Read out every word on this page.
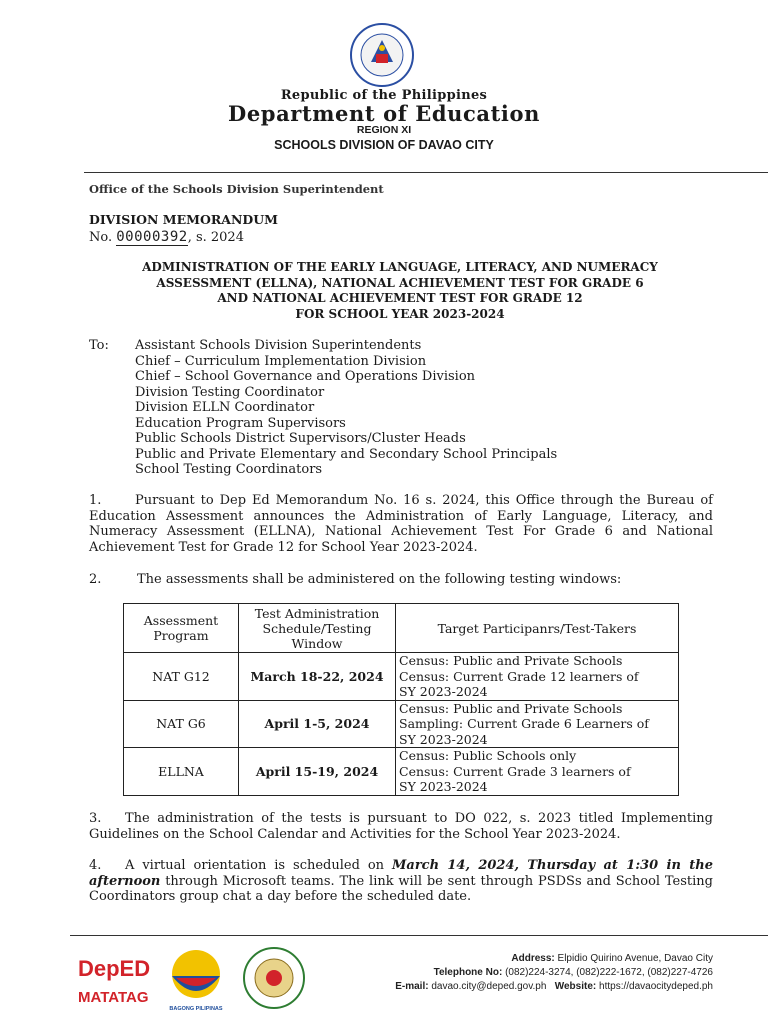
Republic of the Philippines
Department of Education
REGION XI
SCHOOLS DIVISION OF DAVAO CITY
Office of the Schools Division Superintendent
DIVISION MEMORANDUM
No. 00000392, s. 2024
ADMINISTRATION OF THE EARLY LANGUAGE, LITERACY, AND NUMERACY
ASSESSMENT (ELLNA), NATIONAL ACHIEVEMENT TEST FOR GRADE 6
AND NATIONAL ACHIEVEMENT TEST FOR GRADE 12
FOR SCHOOL YEAR 2023-2024
To: Assistant Schools Division Superintendents
Chief – Curriculum Implementation Division
Chief – School Governance and Operations Division
Division Testing Coordinator
Division ELLN Coordinator
Education Program Supervisors
Public Schools District Supervisors/Cluster Heads
Public and Private Elementary and Secondary School Principals
School Testing Coordinators
1.	Pursuant to Dep Ed Memorandum No. 16 s. 2024, this Office through the Bureau of Education Assessment announces the Administration of Early Language, Literacy, and Numeracy Assessment (ELLNA), National Achievement Test For Grade 6 and National Achievement Test for Grade 12 for School Year 2023-2024.
2.	The assessments shall be administered on the following testing windows:
Assessment Program	Test Administration Schedule/Testing Window	Target Participanrs/Test-Takers
NAT G12	March 18-22, 2024	Census: Public and Private Schools
Census: Current Grade 12 learners of
SY 2023-2024

NAT G6	April 1-5, 2024	Census: Public and Private Schools
Sampling: Current Grade 6 Learners of
SY 2023-2024

ELLNA	April 15-19, 2024	Census: Public Schools only
Census: Current Grade 3 learners of
SY 2023-2024
3. The administration of the tests is pursuant to DO 022, s. 2023 titled Implementing Guidelines on the School Calendar and Activities for the School Year 2023-2024.
4. A virtual orientation is scheduled on March 14, 2024, Thursday at 1:30 in the afternoon through Microsoft teams. The link will be sent through PSDSs and School Testing Coordinators group chat a day before the scheduled date.
DepED
MATATAG
BAGONG PILIPINAS
Address: Elpidio Quirino Avenue, Davao City
Telephone No: (082)224-3274, (082)222-1672, (082)227-4726
E-mail: davao.city@deped.gov.ph Website: https://davaocitydeped.ph
